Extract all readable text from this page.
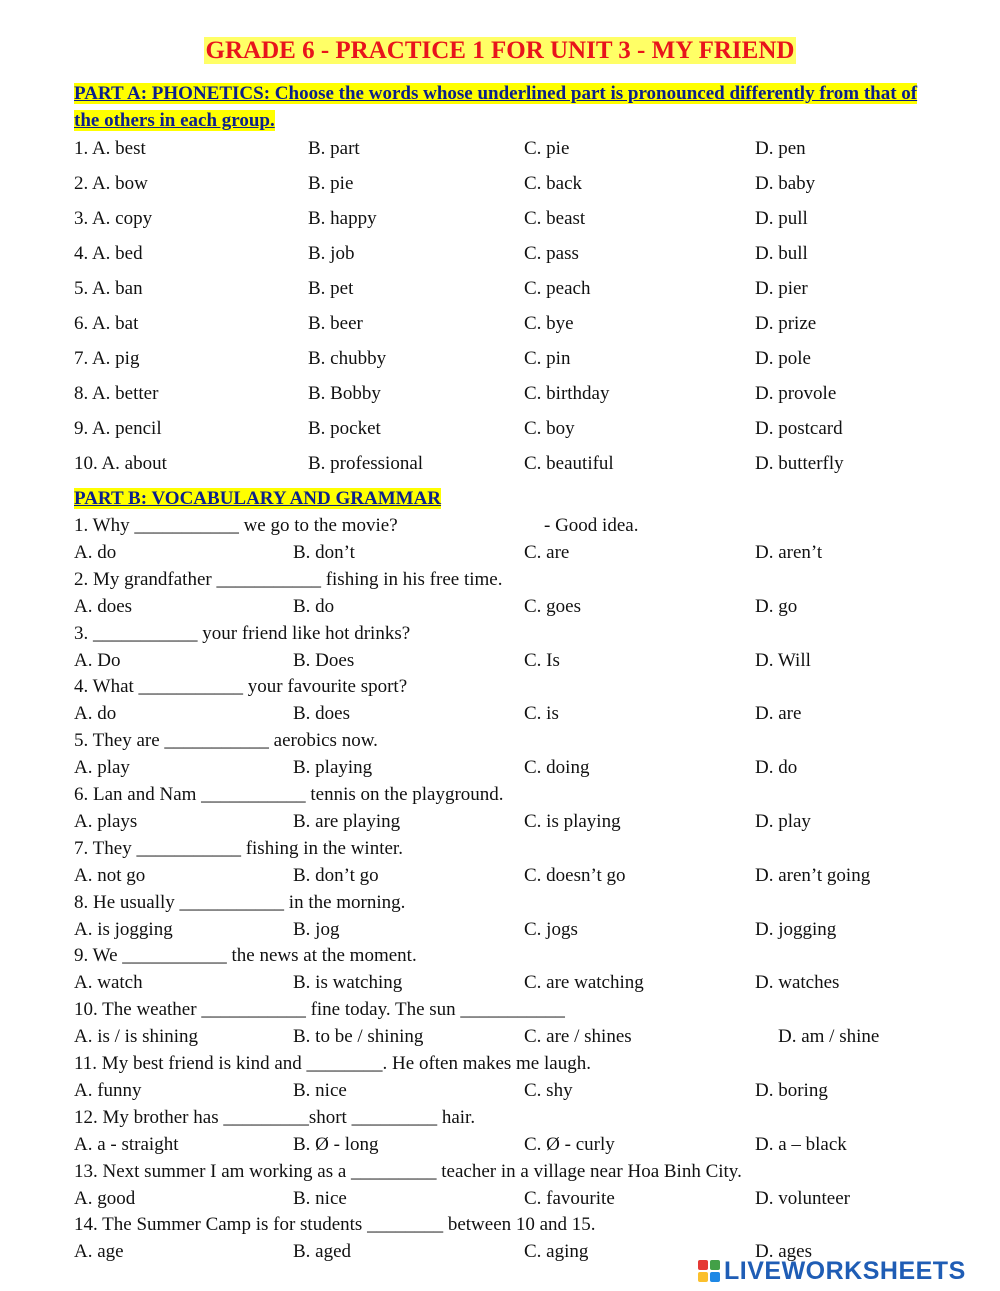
GRADE 6 - PRACTICE 1 FOR UNIT 3 - MY FRIEND
PART A: PHONETICS: Choose the words whose underlined part is pronounced differently from that of the others in each group.
1. A. best	B. part	C. pie	D. pen
2. A. bow	B. pie	C. back	D. baby
3. A. copy	B. happy	C. beast	D. pull
4. A. bed	B. job	C. pass	D. bull
5. A. ban	B. pet	C. peach	D. pier
6. A. bat	B. beer	C. bye	D. prize
7. A. pig	B. chubby	C. pin	D. pole
8. A. better	B. Bobby	C. birthday	D. provole
9. A. pencil	B. pocket	C. boy	D. postcard
10. A. about	B. professional	C. beautiful	D. butterfly
PART B: VOCABULARY AND GRAMMAR
1. Why ___________ we go to the movie?	- Good idea.
A. do	B. don’t	C. are	D. aren’t
2. My grandfather ___________ fishing in his free time.
A. does	B. do	C. goes	D. go
3. ___________ your friend like hot drinks?
A. Do	B. Does	C. Is	D. Will
4. What ___________ your favourite sport?
A. do	B. does	C. is	D. are
5. They are ___________ aerobics now.
A. play	B. playing	C. doing	D. do
6. Lan and Nam ___________ tennis on the playground.
A. plays	B. are playing	C. is playing	D. play
7. They ___________ fishing in the winter.
A. not go	B. don’t go	C. doesn’t go	D. aren’t going
8. He usually ___________ in the morning.
A. is jogging	B. jog	C. jogs	D. jogging
9. We ___________ the news at the moment.
A. watch	B. is watching	C. are watching	D. watches
10. The weather ___________ fine today. The sun ___________
A. is / is shining	B. to be / shining	C. are / shines	D. am / shine
11. My best friend is kind and ________. He often makes me laugh.
A. funny	B. nice	C. shy	D. boring
12. My brother has _________short _________ hair.
A. a - straight	B. Ø - long	C. Ø - curly	D. a – black
13. Next summer I am working as a _________ teacher in a village near Hoa Binh City.
A. good	B. nice	C. favourite	D. volunteer
14. The Summer Camp is for students ________ between 10 and 15.
A. age	B. aged	C. aging	D. ages
LIVEWORKSHEETS
